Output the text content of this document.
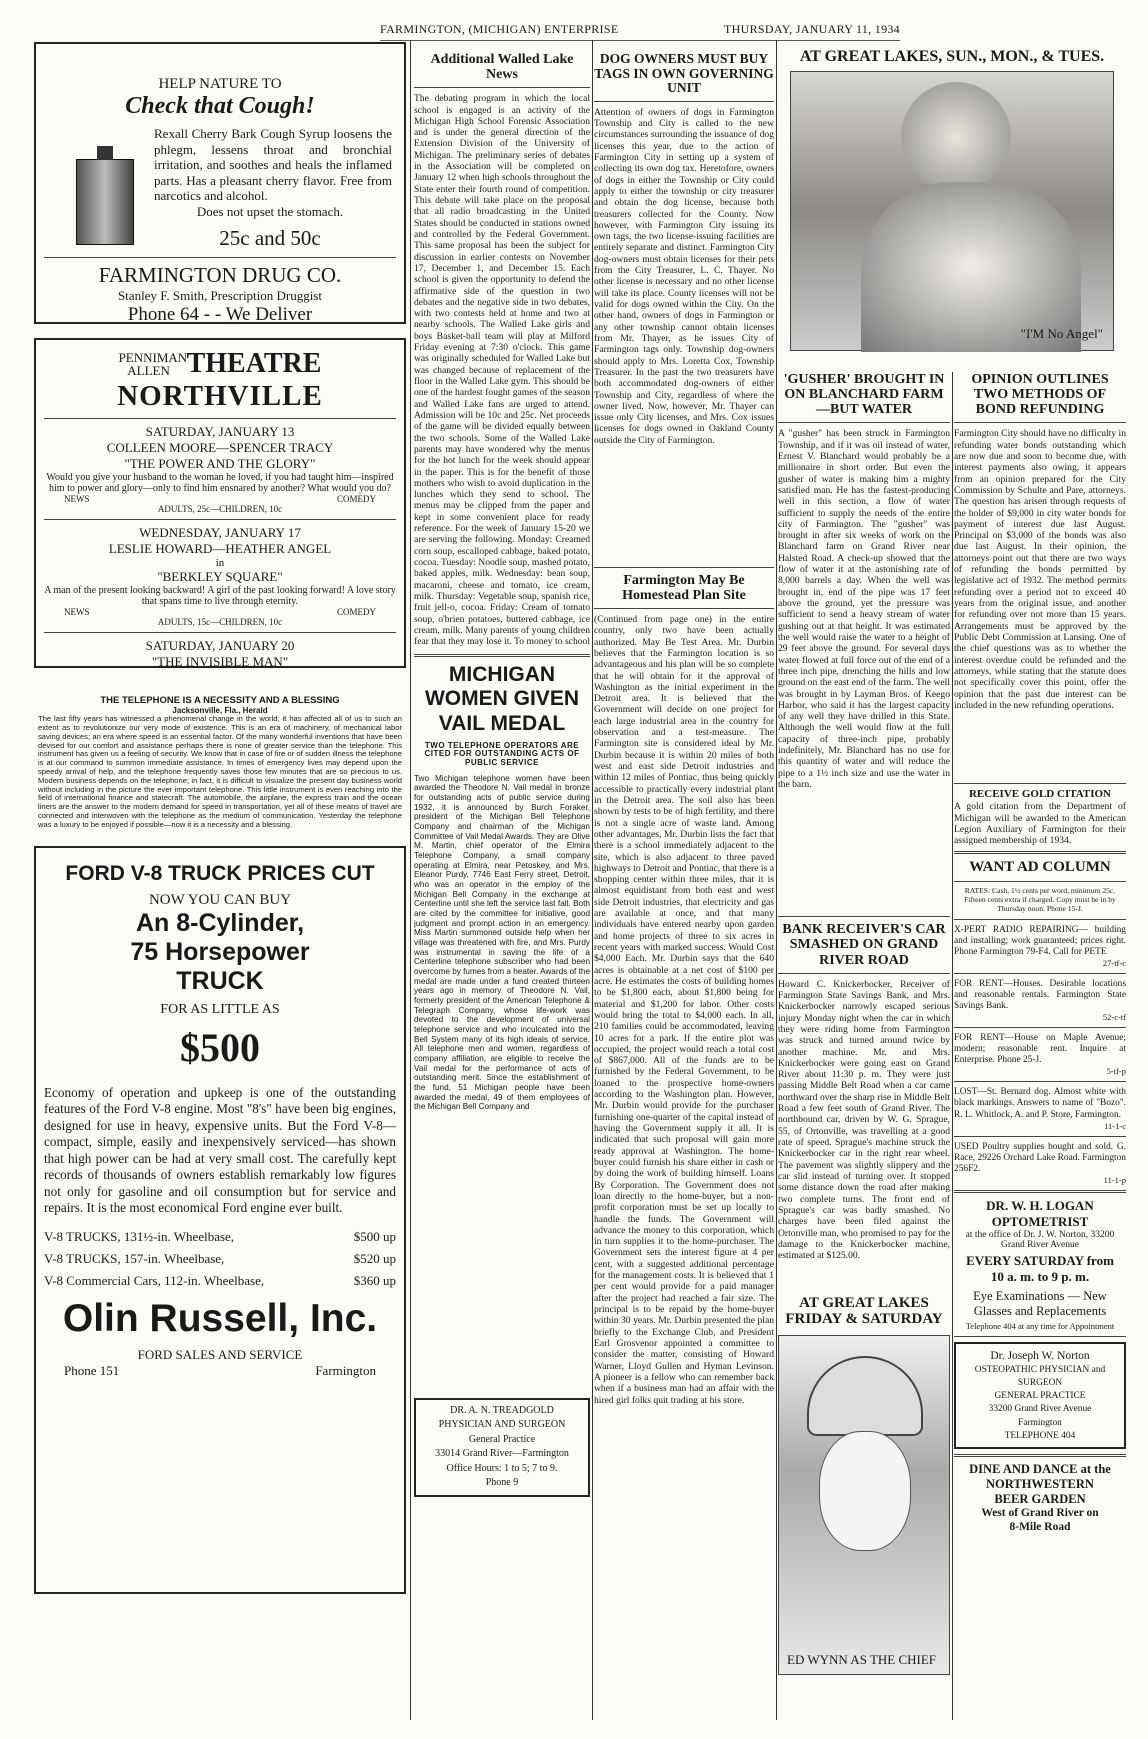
FARMINGTON, (MICHIGAN) ENTERPRISE	THURSDAY, JANUARY 11, 1934
HELP NATURE TO
Check that Cough!
Rexall Cherry Bark Cough Syrup loosens the phlegm, lessens throat and bronchial irritation, and soothes and heals the inflamed parts. Has a pleasant cherry flavor. Free from narcotics and alcohol.
Does not upset the stomach.
25c and 50c
FARMINGTON DRUG CO.
Stanley F. Smith, Prescription Druggist
Phone 64 - - We Deliver
PENNIMAN ALLEN THEATRE
NORTHVILLE
SATURDAY, JANUARY 13
COLLEEN MOORE—SPENCER TRACY
"THE POWER AND THE GLORY"
Would you give your husband to the woman he loved, if you had taught him—inspired him to power and glory—only to find him ensnared by another? What would you do?
NEWS	COMEDY
ADULTS, 25c—CHILDREN, 10c
WEDNESDAY, JANUARY 17
LESLIE HOWARD—HEATHER ANGEL
in
"BERKLEY SQUARE"
A man of the present looking backward! A girl of the past looking forward! A love story that spans time to live through eternity.
NEWS	COMEDY
ADULTS, 15c—CHILDREN, 10c
SATURDAY, JANUARY 20
"THE INVISIBLE MAN"
THE TELEPHONE IS A NECESSITY AND A BLESSING
Jacksonville, Fla., Herald
The last fifty years has witnessed a phenomenal change in the world; it has affected all of us to such an extent as to revolutionize our very mode of existence. This is an era of machinery, of mechanical labor saving devices; an era where speed is an essential factor. Of the many wonderful inventions that have been devised for our comfort and assistance perhaps there is none of greater service than the telephone. This instrument has given us a feeling of security. We know that in case of fire or of sudden illness the telephone is at our command to summon immediate assistance. In times of emergency lives may depend upon the speedy arrival of help, and the telephone frequently saves those few minutes that are so precious to us. Modern business depends on the telephone; in fact, it is difficult to visualize the present day business world without including in the picture the ever important telephone. This little instrument is even reaching into the field of international finance and statecraft. The automobile, the airplane, the express train and the ocean liners are the answer to the modern demand for speed in transportation, yet all of these means of travel are connected and interwoven with the telephone as the medium of communication. Yesterday the telephone was a luxury to be enjoyed if possible—now it is a necessity and a blessing.
FORD V-8 TRUCK PRICES CUT
NOW YOU CAN BUY
An 8-Cylinder,
75 Horsepower
TRUCK
FOR AS LITTLE AS
$500
Economy of operation and upkeep is one of the outstanding features of the Ford V-8 engine. Most "8's" have been big engines, designed for use in heavy, expensive units. But the Ford V-8—compact, simple, easily and inexpensively serviced—has shown that high power can be had at very small cost. The carefully kept records of thousands of owners establish remarkably low figures not only for gasoline and oil consumption but for service and repairs. It is the most economical Ford engine ever built.
V-8 TRUCKS, 131½-in. Wheelbase,	$500 up
V-8 TRUCKS, 157-in. Wheelbase,	$520 up
V-8 Commercial Cars, 112-in. Wheelbase,	$360 up
Olin Russell, Inc.
FORD SALES AND SERVICE
Phone 151	Farmington
Additional Walled Lake News
The debating program in which the local school is engaged is an activity of the Michigan High School Forensic Association and is under the general direction of the Extension Division of the University of Michigan. The preliminary series of debates in the Association will be completed on January 12 when high schools throughout the State enter their fourth round of competition. This debate will take place on the proposal that all radio broadcasting in the United States should be conducted in stations owned and controlled by the Federal Government. This same proposal has been the subject for discussion in earlier contests on November 17, December 1, and December 15. Each school is given the opportunity to defend the affirmative side of the question in two debates and the negative side in two debates, with two contests held at home and two at nearby schools. The Walled Lake girls and boys Basket-ball team will play at Milford Friday evening at 7:30 o'clock. This game was originally scheduled for Walled Lake but was changed because of replacement of the floor in the Walled Lake gym. This should be one of the hardest fought games of the season and Walled Lake fans are urged to attend. Admission will be 10c and 25c. Net proceeds of the game will be divided equally between the two schools. Some of the Walled Lake parents may have wondered why the menus for the hot lunch for the week should appear in the paper. This is for the benefit of those mothers who wish to avoid duplication in the lunches which they send to school. The menus may be clipped from the paper and kept in some convenient place for ready reference. For the week of January 15-20 we are serving the following. Monday: Creamed corn soup, escalloped cabbage, baked potato, cocoa. Tuesday: Noodle soup, mashed potato, baked apples, milk. Wednesday: bean soup, macaroni, cheese and tomato, ice cream, milk. Thursday: Vegetable soup, spanish rice, fruit jell-o, cocoa. Friday: Cream of tomato soup, o'brien potatoes, buttered cabbage, ice cream, milk. Many parents of young children fear that they may lose it. To money to school
MICHIGAN WOMEN GIVEN VAIL MEDAL
TWO TELEPHONE OPERATORS ARE CITED FOR OUTSTANDING ACTS OF PUBLIC SERVICE
Two Michigan telephone women have been awarded the Theodore N. Vail medal in bronze for outstanding acts of public service during 1932, it is announced by Burch Foraker, president of the Michigan Bell Telephone Company and chairman of the Michigan Committee of Vail Medal Awards. They are Olive M. Martin, chief operator of the Elmira Telephone Company, a small company operating at Elmira, near Petoskey, and Mrs. Eleanor Purdy, 7746 East Ferry street, Detroit, who was an operator in the employ of the Michigan Bell Company in the exchange at Centerline until she left the service last fall. Both are cited by the committee for initiative, good judgment and prompt action in an emergency. Miss Martin summoned outside help when her village was threatened with fire, and Mrs. Purdy was instrumental in saving the life of a Centerline telephone subscriber who had been overcome by fumes from a heater. Awards of the medal are made under a fund created thirteen years ago in memory of Theodore N. Vail, formerly president of the American Telephone & Telegraph Company, whose life-work was devoted to the development of universal telephone service and who inculcated into the Bell System many of its high ideals of service. All telephone men and women, regardless of company affiliation, are eligible to receive the Vail medal for the performance of acts of outstanding merit. Since the establishment of the fund, 51 Michigan people have been awarded the medal, 49 of them employees of the Michigan Bell Company and
DR. A. N. TREADGOLD
PHYSICIAN AND SURGEON
General Practice
33014 Grand River—Farmington
Office Hours: 1 to 5; 7 to 9.
Phone 9
DOG OWNERS MUST BUY TAGS IN OWN GOVERNING UNIT
Attention of owners of dogs in Farmington Township and City is called to the new circumstances surrounding the issuance of dog licenses this year, due to the action of Farmington City in setting up a system of collecting its own dog tax. Heretofore, owners of dogs in either the Township or City could apply to either the township or city treasurer and obtain the dog license, because both treasurers collected for the County. Now however, with Farmington City issuing its own tags, the two license-issuing facilities are entirely separate and distinct. Farmington City dog-owners must obtain licenses for their pets from the City Treasurer, L. C. Thayer. No other license is necessary and no other license will take its place. County licenses will not be valid for dogs owned within the City. On the other hand, owners of dogs in Farmington or any other township cannot obtain licenses from Mr. Thayer, as he issues City of Farmington tags only. Township dog-owners should apply to Mrs. Loretta Cox, Township Treasurer. In the past the two treasurers have both accommodated dog-owners of either Township and City, regardless of where the owner lived. Now, however, Mr. Thayer can issue only City licenses, and Mrs. Cox issues licenses for dogs owned in Oakland County outside the City of Farmington.
Farmington May Be Homestead Plan Site
(Continued from page one) in the entire country, only two have been actually authorized. May Be Test Area. Mr. Durbin believes that the Farmington location is so advantageous and his plan will be so complete that he will obtain for it the approval of Washington as the initial experiment in the Detroit area. It is believed that the Government will decide on one project for each large industrial area in the country for observation and a test-measure. The Farmington site is considered ideal by Mr. Durbin because it is within 20 miles of both west and east side Detroit industries and within 12 miles of Pontiac, thus being quickly accessible to practically every industrial plant in the Detroit area. The soil also has been shown by tests to be of high fertility, and there is not a single acre of waste land. Among other advantages, Mr. Durbin lists the fact that there is a school immediately adjacent to the site, which is also adjacent to three paved highways to Detroit and Pontiac, that there is a shopping center within three miles, that it is almost equidistant from both east and west side Detroit industries, that electricity and gas are available at once, and that many individuals have entered nearby upon garden and home projects of three to six acres in recent years with marked success. Would Cost $4,000 Each. Mr. Durbin says that the 640 acres is obtainable at a net cost of $100 per acre. He estimates the costs of building homes to be $1,800 each, about $1,800 being for material and $1,200 for labor. Other costs would bring the total to $4,000 each. In all, 210 families could be accommodated, leaving 10 acres for a park. If the entire plot was occupied, the project would reach a total cost of $867,000. All of the funds are to be furnished by the Federal Government, to be loaned to the prospective home-owners according to the Washington plan. However, Mr. Durbin would provide for the purchaser furnishing one-quarter of the capital instead of having the Government supply it all. It is indicated that such proposal will gain more ready approval at Washington. The home-buyer could furnish his share either in cash or by doing the work of building himself. Loans By Corporation. The Government does not loan directly to the home-buyer, but a non-profit corporation must be set up locally to handle the funds. The Government will advance the money to this corporation, which in turn supplies it to the home-purchaser. The Government sets the interest figure at 4 per cent, with a suggested additional percentage for the management costs. It is believed that 1 per cent would provide for a paid manager after the project had reached a fair size. The principal is to be repaid by the home-buyer within 30 years. Mr. Durbin presented the plan briefly to the Exchange Club, and President Earl Grosvenor appointed a committee to consider the matter, consisting of Howard Warner, Lloyd Gullen and Hyman Levinson. A pioneer is a fellow who can remember back when if a business man had an affair with the hired girl folks quit trading at his store.
AT GREAT LAKES, SUN., MON., & TUES.
"I'M No Angel"
'GUSHER' BROUGHT IN ON BLANCHARD FARM—BUT WATER
A "gusher" has been struck in Farmington Township, and if it was oil instead of water, Ernest V. Blanchard would probably be a millionaire in short order. But even the gusher of water is making him a mighty satisfied man. He has the fastest-producing well in this section, a flow of water sufficient to supply the needs of the entire city of Farmington. The "gusher" was brought in after six weeks of work on the Blanchard farm on Grand River near Halsted Road. A check-up showed that the flow of water it at the astonishing rate of 8,000 barrels a day. When the well was brought in, end of the pipe was 17 feet above the ground, yet the pressure was sufficient to send a heavy stream of water gushing out at that height. It was estimated the well would raise the water to a height of 29 feet above the ground. For several days water flowed at full force out of the end of a three inch pipe, drenching the hills and low ground on the east end of the farm. The well was brought in by Layman Bros. of Keego Harbor, who said it has the largest capacity of any well they have drilled in this State. Although the well would flow at the full capacity of three-inch pipe, probably indefinitely, Mr. Blanchard has no use for this quantity of water and will reduce the pipe to a 1½ inch size and use the water in the barn.
BANK RECEIVER'S CAR SMASHED ON GRAND RIVER ROAD
Howard C. Knickerbocker, Receiver of Farmington State Savings Bank, and Mrs. Knickerbocker narrowly escaped serious injury Monday night when the car in which they were riding home from Farmington was struck and turned around twice by another machine. Mr. and Mrs. Knickerbocker were going east on Grand River about 11:30 p. m. They were just passing Middle Belt Road when a car came northward over the sharp rise in Middle Belt Road a few feet south of Grand River. The northbound car, driven by W. G. Sprague, 55, of Ortonville, was travelling at a good rate of speed. Sprague's machine struck the Knickerbocker car in the right rear wheel. The pavement was slightly slippery and the car slid instead of turning over. It stopped some distance down the road after making two complete turns. The front end of Sprague's car was badly smashed. No charges have been filed against the Ortonville man, who promised to pay for the damage to the Knickerbocker machine, estimated at $125.00.
AT GREAT LAKES FRIDAY & SATURDAY
ED WYNN AS THE CHIEF
OPINION OUTLINES TWO METHODS OF BOND REFUNDING
Farmington City should have no difficulty in refunding water bonds outstanding which are now due and soon to become due, with interest payments also owing, it appears from an opinion prepared for the City Commission by Schulte and Pare, attorneys. The question has arisen through requests of the holder of $9,000 in city water bonds for payment of interest due last August. Principal on $3,000 of the bonds was also due last August. In their opinion, the attorneys point out that there are two ways of refunding the bonds permitted by legislative act of 1932. The method permits refunding over a period not to exceed 40 years from the original issue, and another for refunding over not more than 15 years. Arrangements must be approved by the Public Debt Commission at Lansing. One of the chief questions was as to whether the interest overdue could be refunded and the attorneys, while stating that the statute does not specifically cover this point, offer the opinion that the past due interest can be included in the new refunding operations.
RECEIVE GOLD CITATION
A gold citation from the Department of Michigan will be awarded to the American Legion Auxiliary of Farmington for their assigned membership of 1934.
WANT AD COLUMN
RATES: Cash, 1½ cents per word, minimum 25c. Fifteen cents extra if charged. Copy must be in by Thursday noon. Phone 15-J.
X-PERT RADIO REPAIRING— building and installing; work guaranteed; prices right. Phone Farmington 79-F4. Call for PETE
27-tf-c
FOR RENT—Houses. Desirable locations and reasonable rentals. Farmington State Savings Bank.
52-c-tf
FOR RENT—House on Maple Avenue; modern; reasonable rent. Inquire at Enterprise. Phone 25-J.
5-tf-p
LOST—St. Bernard dog. Almost white with black markings. Answers to name of "Bozo". R. L. Whitlock, A. and P. Store, Farmington.
11-1-c
USED Poultry supplies bought and sold. G. Race, 29226 Orchard Lake Road. Farmington 256F2.
11-1-p
DR. W. H. LOGAN
OPTOMETRIST
at the office of Dr. J. W. Norton, 33200 Grand River Avenue
EVERY SATURDAY from
10 a. m. to 9 p. m.
Eye Examinations — New Glasses and Replacements
Telephone 404 at any time for Appointment
Dr. Joseph W. Norton
OSTEOPATHIC PHYSICIAN and SURGEON
GENERAL PRACTICE
33200 Grand River Avenue
Farmington
TELEPHONE 404
DINE AND DANCE at the
NORTHWESTERN
BEER GARDEN
West of Grand River on
8-Mile Road
